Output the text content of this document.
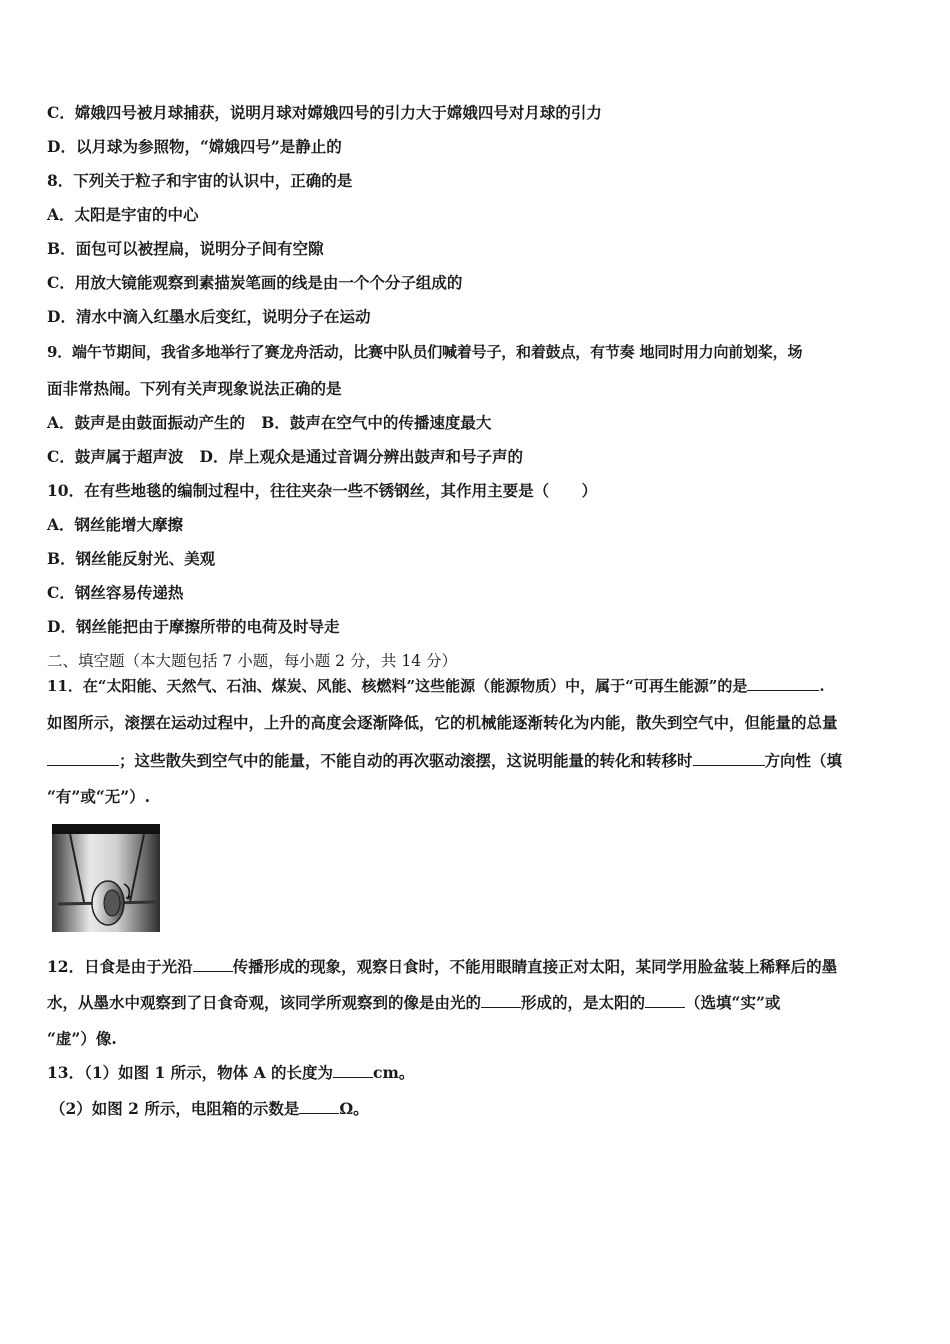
C．嫦娥四号被月球捕获，说明月球对嫦娥四号的引力大于嫦娥四号对月球的引力
D．以月球为参照物，“嫦娥四号”是静止的
8．下列关于粒子和宇宙的认识中，正确的是
A．太阳是宇宙的中心
B．面包可以被捏扁，说明分子间有空隙
C．用放大镜能观察到素描炭笔画的线是由一个个分子组成的
D．清水中滴入红墨水后变红，说明分子在运动
9．端午节期间，我省多地举行了赛龙舟活动，比赛中队员们喊着号子，和着鼓点，有节奏 地同时用力向前划桨，场
面非常热闹。下列有关声现象说法正确的是
A．鼓声是由鼓面振动产生的   B．鼓声在空气中的传播速度最大
C．鼓声属于超声波   D．岸上观众是通过音调分辨出鼓声和号子声的
10．在有些地毯的编制过程中，往往夹杂一些不锈钢丝，其作用主要是（      ）
A．钢丝能增大摩擦
B．钢丝能反射光、美观
C．钢丝容易传递热
D．钢丝能把由于摩擦所带的电荷及时导走
二、填空题（本大题包括 7 小题，每小题 2 分，共 14 分）
11．在“太阳能、天然气、石油、煤炭、风能、核燃料”这些能源（能源物质）中，属于“可再生能源”的是	.
如图所示，滚摆在运动过程中，上升的高度会逐渐降低，它的机械能逐渐转化为内能，散失到空气中，但能量的总量
；这些散失到空气中的能量，不能自动的再次驱动滚摆，这说明能量的转化和转移时	方向性（填
“有”或“无”）.
12．日食是由于光沿	传播形成的现象，观察日食时，不能用眼睛直接正对太阳，某同学用脸盆装上稀释后的墨
水，从墨水中观察到了日食奇观，该同学所观察到的像是由光的	形成的，是太阳的	（选填“实”或
“虚”）像.
13．（1）如图 1 所示，物体 A 的长度为	cm。
（2）如图 2 所示，电阻箱的示数是	Ω。
